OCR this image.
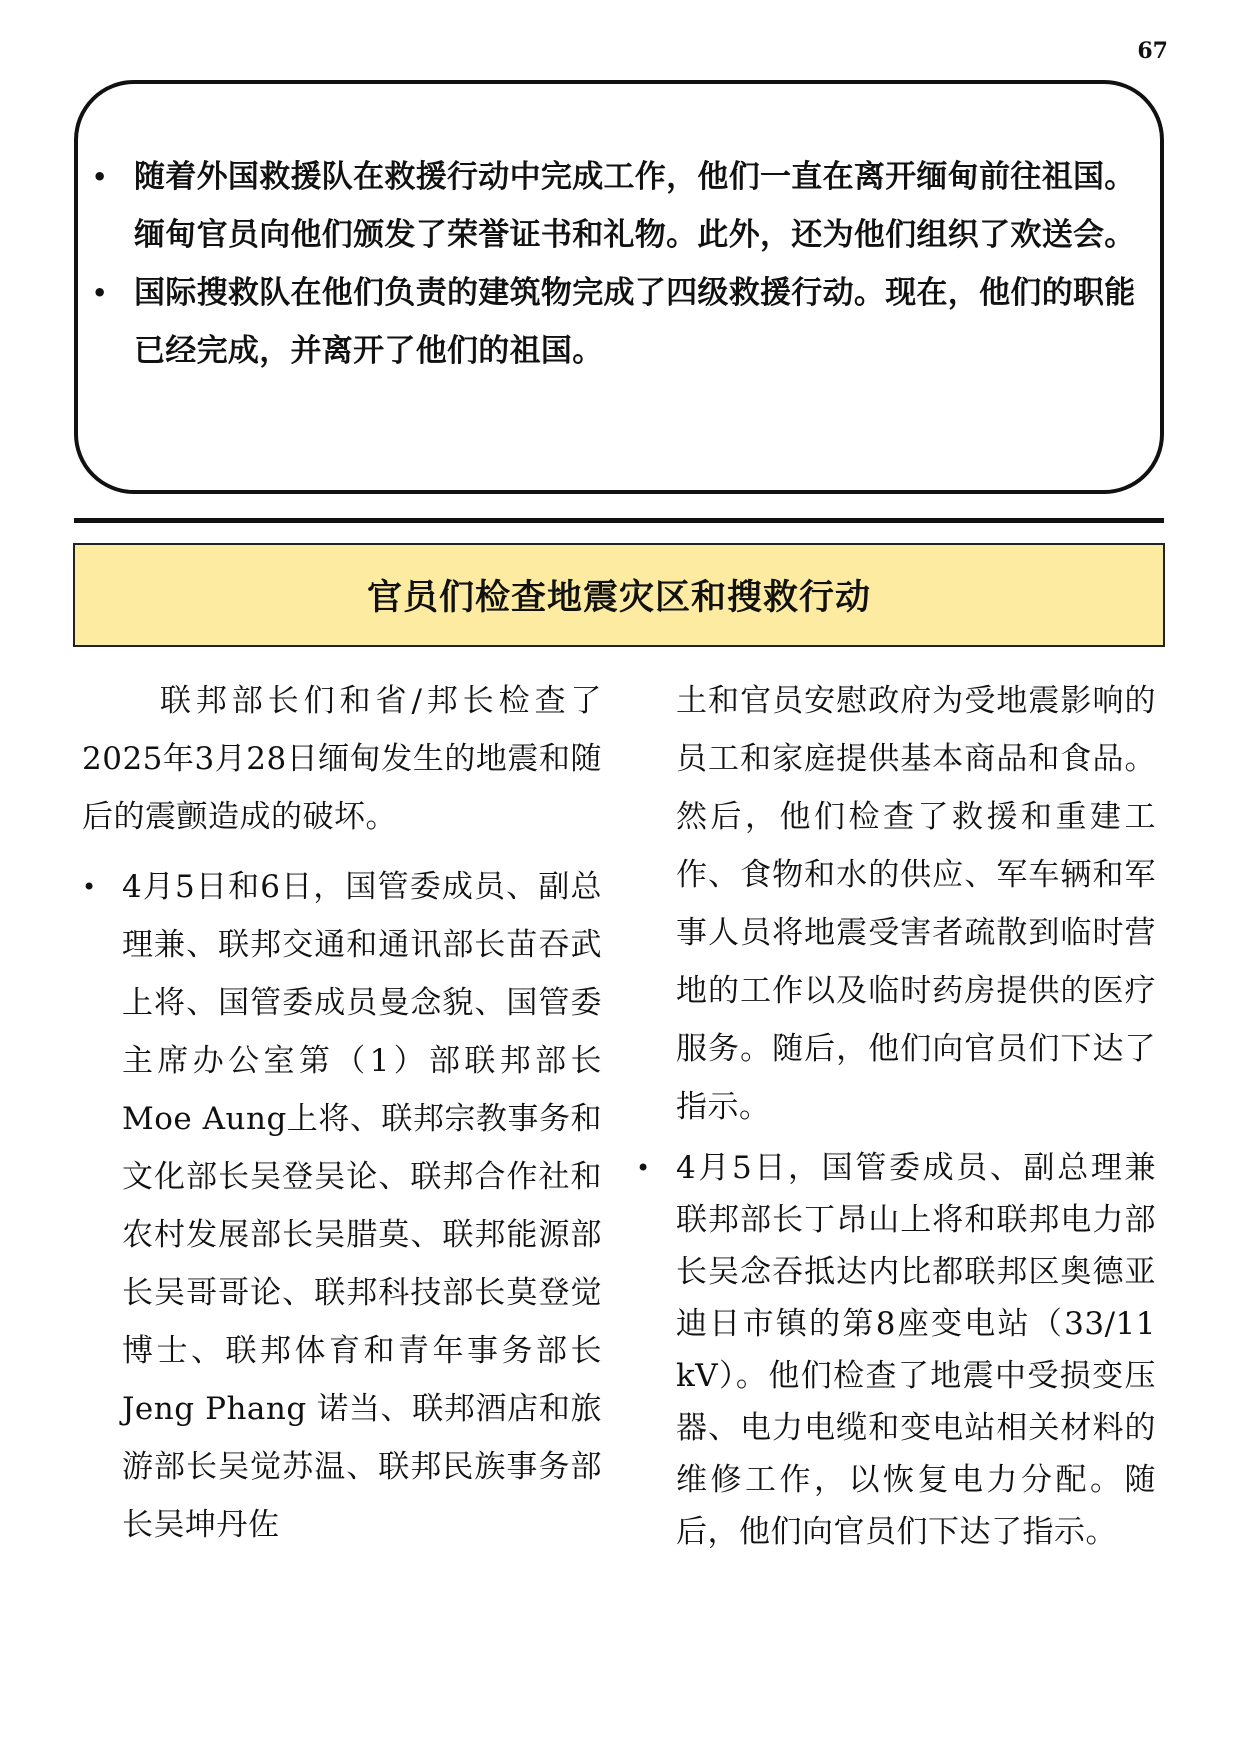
67
• 随着外国救援队在救援行动中完成工作，他们一直在离开缅甸前往祖国。缅甸官员向他们颁发了荣誉证书和礼物。此外，还为他们组织了欢送会。
• 国际搜救队在他们负责的建筑物完成了四级救援行动。现在，他们的职能已经完成，并离开了他们的祖国。
官员们检查地震灾区和搜救行动

联邦部长们和省/邦长检查了2025年3月28日缅甸发生的地震和随后的震颤造成的破坏。

• 4月5日和6日，国管委成员、副总理兼、联邦交通和通讯部长苗吞武上将、国管委成员曼念貌、国管委主席办公室第（1）部联邦部长Moe Aung上将、联邦宗教事务和文化部长吴登吴论、联邦合作社和农村发展部长吴腊莫、联邦能源部长吴哥哥论、联邦科技部长莫登觉博士、联邦体育和青年事务部长Jeng Phang 诺当、联邦酒店和旅游部长吴觉苏温、联邦民族事务部长吴坤丹佐

土和官员安慰政府为受地震影响的员工和家庭提供基本商品和食品。然后，他们检查了救援和重建工作、食物和水的供应、军车辆和军事人员将地震受害者疏散到临时营地的工作以及临时药房提供的医疗服务。随后，他们向官员们下达了指示。

• 4月5日，国管委成员、副总理兼联邦部长丁昂山上将和联邦电力部长吴念吞抵达内比都联邦区奥德亚迪日市镇的第8座变电站（33/11 kV）。他们检查了地震中受损变压器、电力电缆和变电站相关材料的维修工作，以恢复电力分配。随后，他们向官员们下达了指示。
